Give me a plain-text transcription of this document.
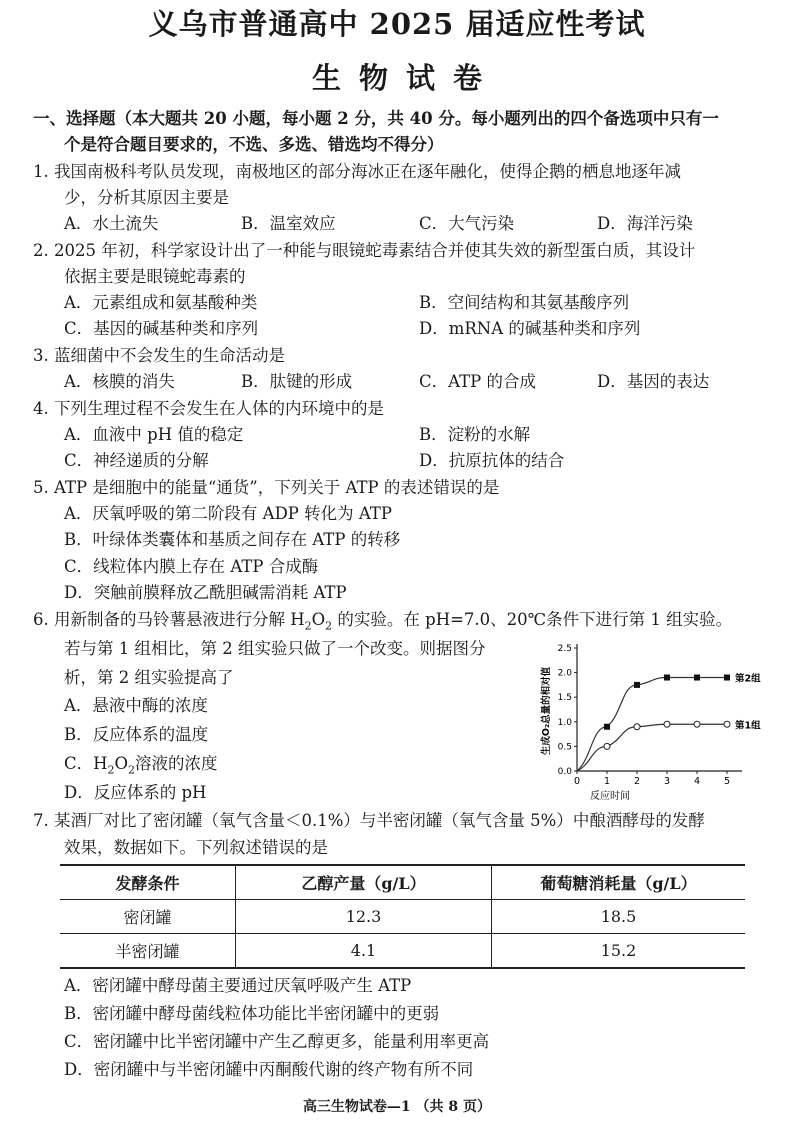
义乌市普通高中 2025 届适应性考试
生物试卷
一、选择题（本大题共 20 小题，每小题 2 分，共 40 分。每小题列出的四个备选项中只有一
个是符合题目要求的，不选、多选、错选均不得分）
1. 我国南极科考队员发现，南极地区的部分海冰正在逐年融化，使得企鹅的栖息地逐年减
少，分析其原因主要是
A．水土流失	B．温室效应	C．大气污染	D．海洋污染
2. 2025 年初，科学家设计出了一种能与眼镜蛇毒素结合并使其失效的新型蛋白质，其设计
依据主要是眼镜蛇毒素的
A．元素组成和氨基酸种类	B．空间结构和其氨基酸序列
C．基因的碱基种类和序列	D．mRNA 的碱基种类和序列
3. 蓝细菌中不会发生的生命活动是
A．核膜的消失	B．肽键的形成	C．ATP 的合成	D．基因的表达
4. 下列生理过程不会发生在人体的内环境中的是
A．血液中 pH 值的稳定	B．淀粉的水解
C．神经递质的分解	D．抗原抗体的结合
5. ATP 是细胞中的能量“通货”，下列关于 ATP 的表述错误的是
A．厌氧呼吸的第二阶段有 ADP 转化为 ATP
B．叶绿体类囊体和基质之间存在 ATP 的转移
C．线粒体内膜上存在 ATP 合成酶
D．突触前膜释放乙酰胆碱需消耗 ATP
6. 用新制备的马铃薯悬液进行分解 $H_2O_2$ 的实验。在 pH=7.0、20℃条件下进行第 1 组实验。
若与第 1 组相比，第 2 组实验只做了一个改变。则据图分
析，第 2 组实验提高了
A．悬液中酶的浓度
B．反应体系的温度
C．$H_2O_2$溶液的浓度
D．反应体系的 pH
0	1	2	3	4	5
0.0
0.5
1.0
1.5
2.0
2.5
第2组
第1组
反应时间
生成O₂总量的相对值
7. 某酒厂对比了密闭罐（氧气含量＜0.1%）与半密闭罐（氧气含量 5%）中酿酒酵母的发酵
效果，数据如下。下列叙述错误的是
发酵条件	乙醇产量（g/L）	葡萄糖消耗量（g/L）
密闭罐	12.3	18.5
半密闭罐	4.1	15.2
A．密闭罐中酵母菌主要通过厌氧呼吸产生 ATP
B．密闭罐中酵母菌线粒体功能比半密闭罐中的更弱
C．密闭罐中比半密闭罐中产生乙醇更多，能量利用率更高
D．密闭罐中与半密闭罐中丙酮酸代谢的终产物有所不同
高三生物试卷—1 （共 8 页）
